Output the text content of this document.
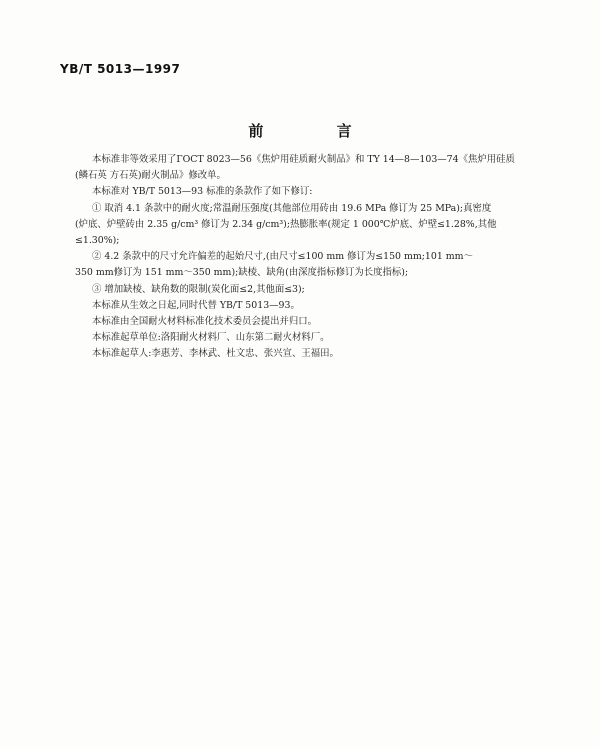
YB/T 5013—1997
前 言
本标准非等效采用了ГОСТ 8023—56《焦炉用硅质耐火制品》和 TY 14—8—103—74《焦炉用硅质
(鳞石英 方石英)耐火制品》修改单。
本标准对 YB/T 5013—93 标准的条款作了如下修订:
① 取消 4.1 条款中的耐火度;常温耐压强度(其他部位用砖由 19.6 MPa 修订为 25 MPa);真密度
(炉底、炉壁砖由 2.35 g/cm³ 修订为 2.34 g/cm³);热膨胀率(规定 1 000℃炉底、炉壁≤1.28%,其他
≤1.30%);
② 4.2 条款中的尺寸允许偏差的起始尺寸,(由尺寸≤100 mm 修订为≤150 mm;101 mm～
350 mm修订为 151 mm～350 mm);缺棱、缺角(由深度指标修订为长度指标);
③ 增加缺棱、缺角数的限制(炭化面≤2,其他面≤3);
本标准从生效之日起,同时代替 YB/T 5013—93。
本标准由全国耐火材料标准化技术委员会提出并归口。
本标准起草单位:洛阳耐火材料厂、山东第二耐火材料厂。
本标准起草人:李惠芳、李林武、杜文忠、张兴宣、王福田。
